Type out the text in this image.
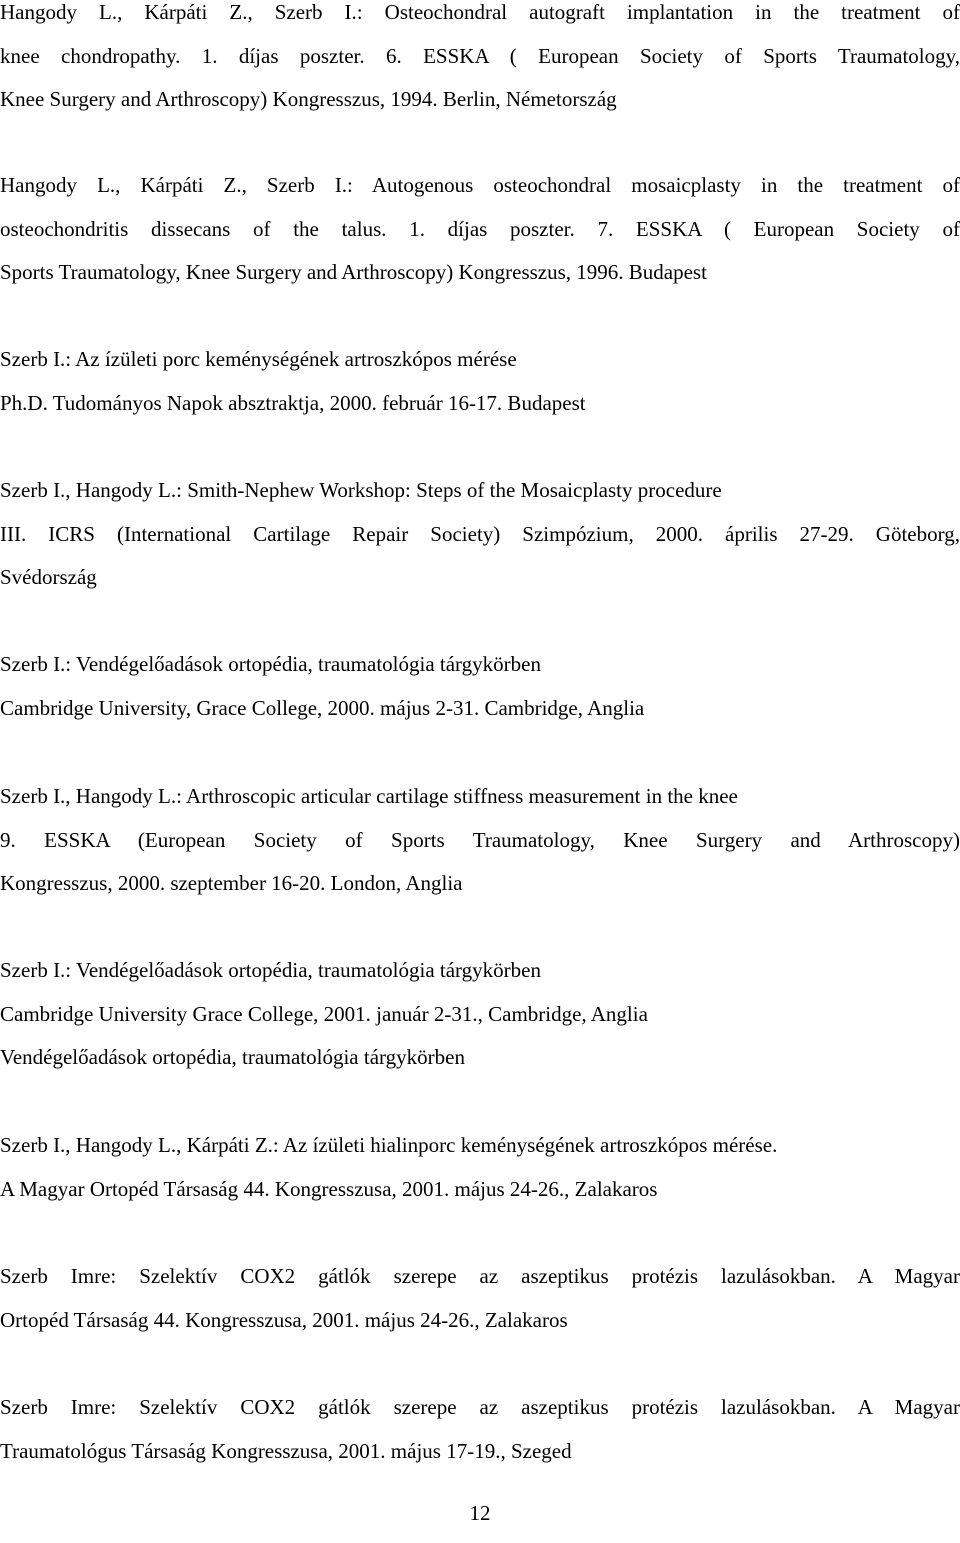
Hangody L., Kárpáti Z., Szerb I.: Osteochondral autograft implantation in the treatment of
knee chondropathy. 1. díjas poszter. 6. ESSKA ( European Society of Sports Traumatology,
Knee Surgery and Arthroscopy) Kongresszus, 1994. Berlin, Németország
Hangody L., Kárpáti Z., Szerb I.: Autogenous osteochondral mosaicplasty in the treatment of
osteochondritis dissecans of the talus. 1. díjas poszter. 7. ESSKA ( European Society of
Sports Traumatology, Knee Surgery and Arthroscopy) Kongresszus, 1996. Budapest
Szerb I.: Az ízületi porc keménységének artroszkópos mérése
Ph.D. Tudományos Napok absztraktja, 2000. február 16-17. Budapest
Szerb I., Hangody L.: Smith-Nephew Workshop: Steps of the Mosaicplasty procedure
III. ICRS (International Cartilage Repair Society) Szimpózium, 2000. április 27-29. Göteborg,
Svédország
Szerb I.: Vendégelőadások ortopédia, traumatológia tárgykörben
Cambridge University, Grace College, 2000. május 2-31. Cambridge, Anglia
Szerb I., Hangody L.: Arthroscopic articular cartilage stiffness measurement in the knee
9. ESSKA (European Society of Sports Traumatology, Knee Surgery and Arthroscopy)
Kongresszus, 2000. szeptember 16-20. London, Anglia
Szerb I.: Vendégelőadások ortopédia, traumatológia tárgykörben
Cambridge University Grace College, 2001. január 2-31., Cambridge, Anglia
Vendégelőadások ortopédia, traumatológia tárgykörben
Szerb I., Hangody L., Kárpáti Z.: Az ízületi hialinporc keménységének artroszkópos mérése.
A Magyar Ortopéd Társaság 44. Kongresszusa, 2001. május 24-26., Zalakaros
Szerb Imre: Szelektív COX2 gátlók szerepe az aszeptikus protézis lazulásokban. A Magyar
Ortopéd Társaság 44. Kongresszusa, 2001. május 24-26., Zalakaros
Szerb Imre: Szelektív COX2 gátlók szerepe az aszeptikus protézis lazulásokban. A Magyar
Traumatológus Társaság Kongresszusa, 2001. május 17-19., Szeged
12
